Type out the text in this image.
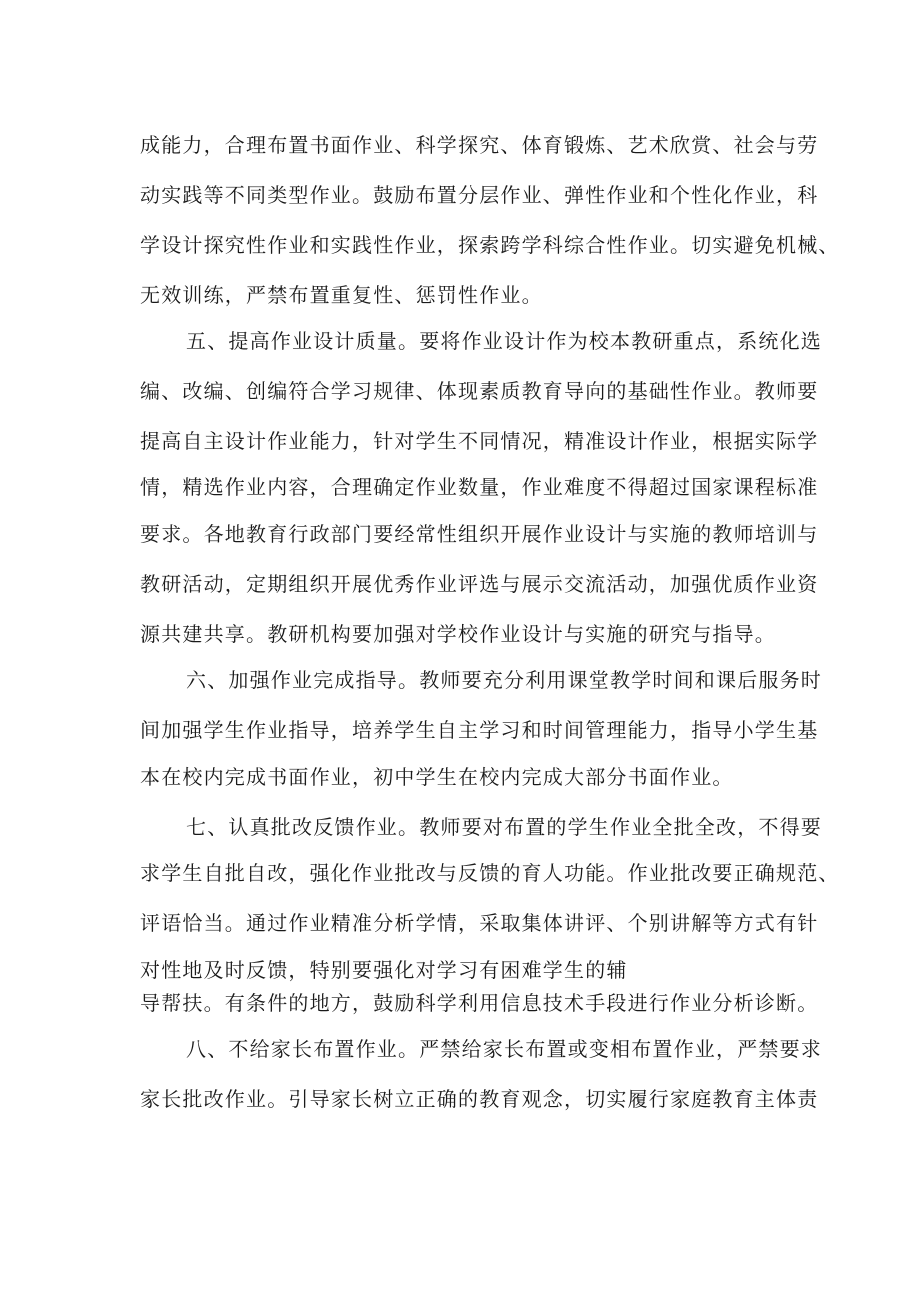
成能力，合理布置书面作业、科学探究、体育锻炼、艺术欣赏、社会与劳
动实践等不同类型作业。鼓励布置分层作业、弹性作业和个性化作业，科
学设计探究性作业和实践性作业，探索跨学科综合性作业。切实避免机械、
无效训练，严禁布置重复性、惩罚性作业。
五、提高作业设计质量。要将作业设计作为校本教研重点，系统化选
编、改编、创编符合学习规律、体现素质教育导向的基础性作业。教师要
提高自主设计作业能力，针对学生不同情况，精准设计作业，根据实际学
情，精选作业内容，合理确定作业数量，作业难度不得超过国家课程标准
要求。各地教育行政部门要经常性组织开展作业设计与实施的教师培训与
教研活动，定期组织开展优秀作业评选与展示交流活动，加强优质作业资
源共建共享。教研机构要加强对学校作业设计与实施的研究与指导。
六、加强作业完成指导。教师要充分利用课堂教学时间和课后服务时
间加强学生作业指导，培养学生自主学习和时间管理能力，指导小学生基
本在校内完成书面作业，初中学生在校内完成大部分书面作业。
七、认真批改反馈作业。教师要对布置的学生作业全批全改，不得要
求学生自批自改，强化作业批改与反馈的育人功能。作业批改要正确规范、
评语恰当。通过作业精准分析学情，采取集体讲评、个别讲解等方式有针
对性地及时反馈，特别要强化对学习有困难学生的辅
导帮扶。有条件的地方，鼓励科学利用信息技术手段进行作业分析诊断。
八、不给家长布置作业。严禁给家长布置或变相布置作业，严禁要求
家长批改作业。引导家长树立正确的教育观念，切实履行家庭教育主体责
